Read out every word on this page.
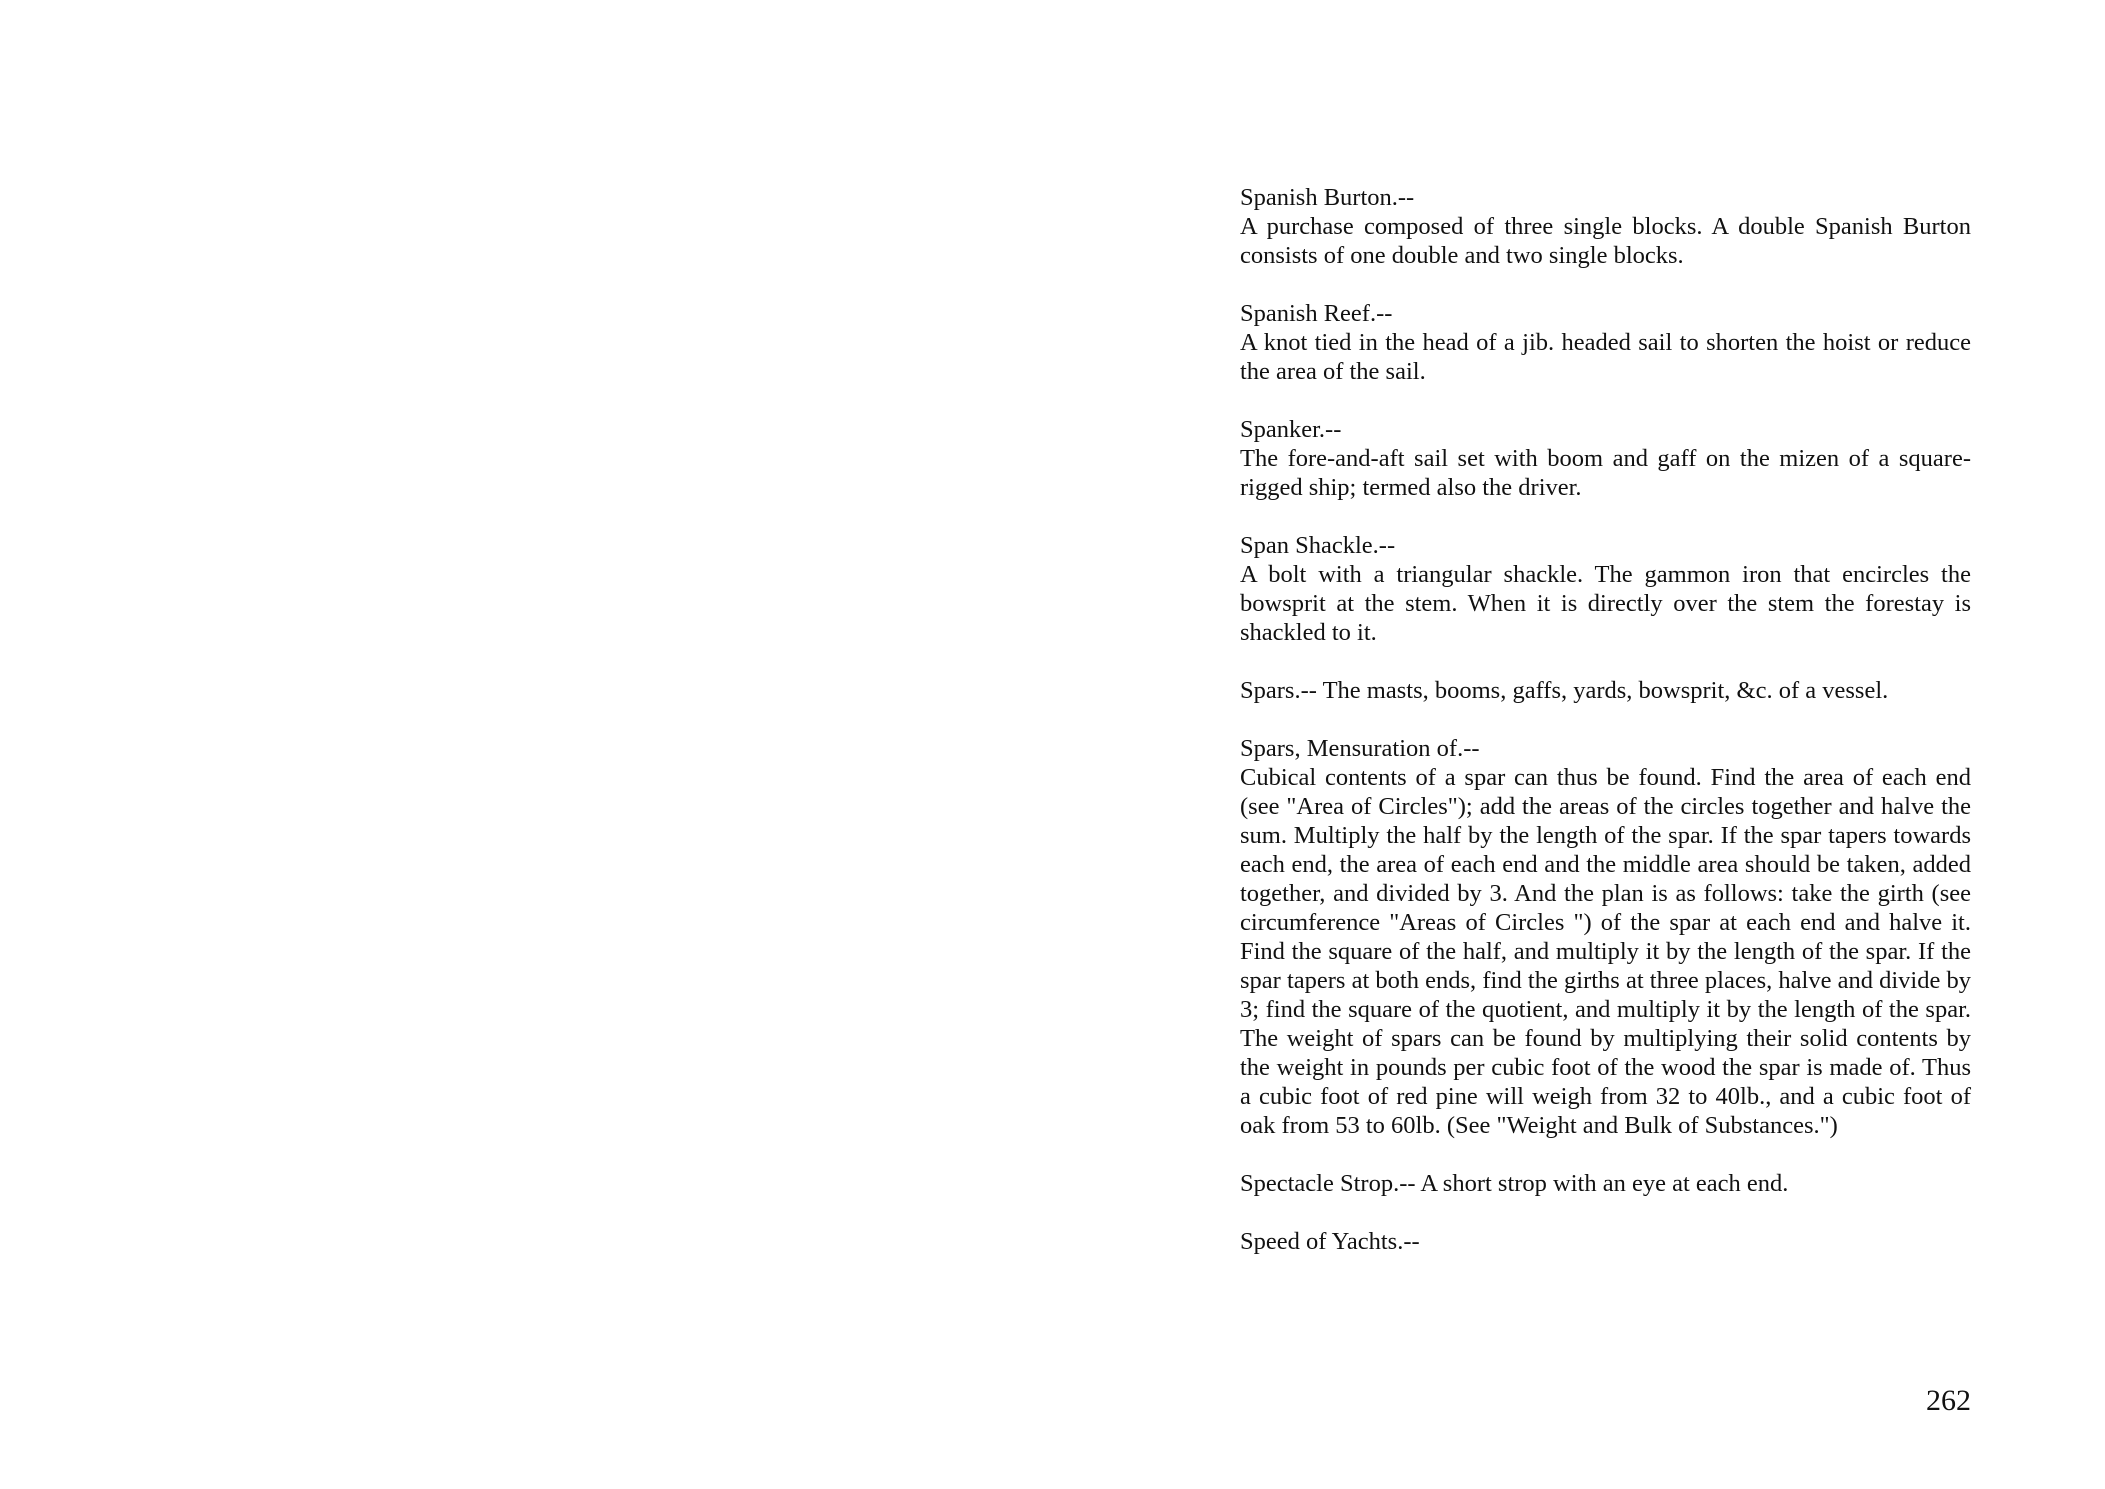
Spanish Burton.--
A purchase composed of three single blocks. A double Spanish Burton consists of one double and two single blocks.

Spanish Reef.--
A knot tied in the head of a jib. headed sail to shorten the hoist or reduce the area of the sail.

Spanker.--
The fore-and-aft sail set with boom and gaff on the mizen of a square-rigged ship; termed also the driver.

Span Shackle.--
A bolt with a triangular shackle. The gammon iron that encircles the bowsprit at the stem. When it is directly over the stem the forestay is shackled to it.

Spars.-- The masts, booms, gaffs, yards, bowsprit, &c. of a vessel.

Spars, Mensuration of.--
Cubical contents of a spar can thus be found. Find the area of each end (see "Area of Circles"); add the areas of the circles together and halve the sum. Multiply the half by the length of the spar. If the spar tapers towards each end, the area of each end and the middle area should be taken, added together, and divided by 3. And the plan is as follows: take the girth (see circumference "Areas of Circles ") of the spar at each end and halve it. Find the square of the half, and multiply it by the length of the spar. If the spar tapers at both ends, find the girths at three places, halve and divide by 3; find the square of the quotient, and multiply it by the length of the spar. The weight of spars can be found by multiplying their solid contents by the weight in pounds per cubic foot of the wood the spar is made of. Thus a cubic foot of red pine will weigh from 32 to 40lb., and a cubic foot of oak from 53 to 60lb. (See "Weight and Bulk of Substances.")

Spectacle Strop.-- A short strop with an eye at each end.

Speed of Yachts.--

262
